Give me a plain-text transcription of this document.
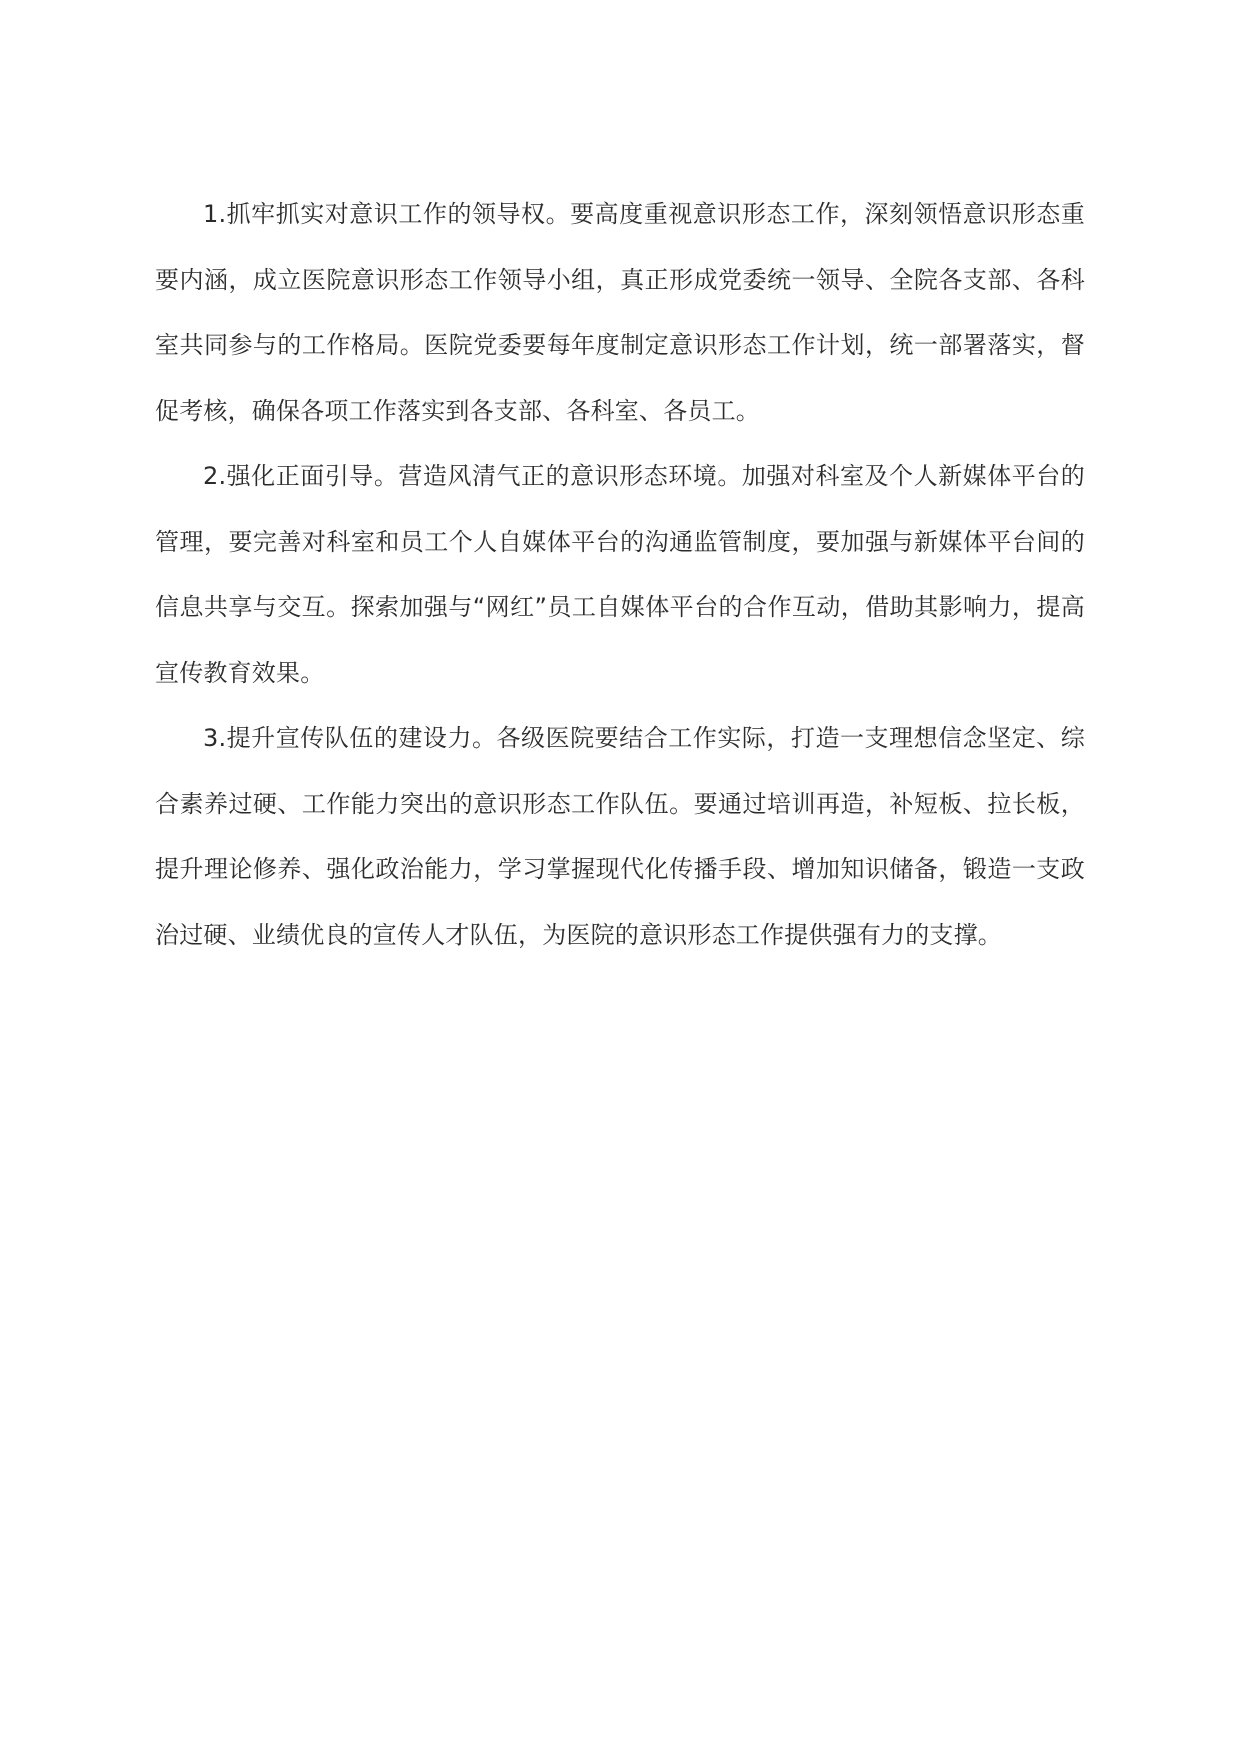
1.抓牢抓实对意识工作的领导权。要高度重视意识形态工作，深刻领悟意识形态重要内涵，成立医院意识形态工作领导小组，真正形成党委统一领导、全院各支部、各科室共同参与的工作格局。医院党委要每年度制定意识形态工作计划，统一部署落实，督促考核，确保各项工作落实到各支部、各科室、各员工。

2.强化正面引导。营造风清气正的意识形态环境。加强对科室及个人新媒体平台的管理，要完善对科室和员工个人自媒体平台的沟通监管制度，要加强与新媒体平台间的信息共享与交互。探索加强与“网红”员工自媒体平台的合作互动，借助其影响力，提高宣传教育效果。

3.提升宣传队伍的建设力。各级医院要结合工作实际，打造一支理想信念坚定、综合素养过硬、工作能力突出的意识形态工作队伍。要通过培训再造，补短板、拉长板，提升理论修养、强化政治能力，学习掌握现代化传播手段、增加知识储备，锻造一支政治过硬、业绩优良的宣传人才队伍，为医院的意识形态工作提供强有力的支撑。
